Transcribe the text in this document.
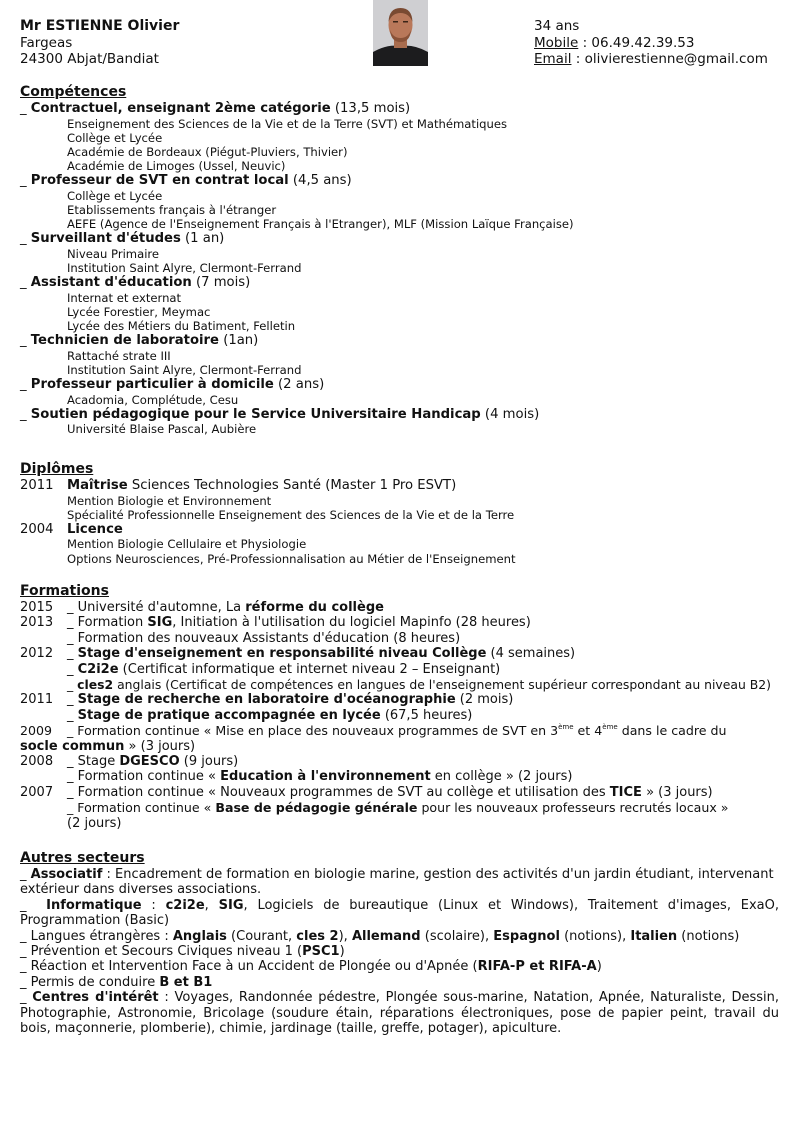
Mr ESTIENNE Olivier
Fargeas
24300 Abjat/Bandiat
34 ans
Mobile : 06.49.42.39.53
Email : olivierestienne@gmail.com
Compétences
_ Contractuel, enseignant 2ème catégorie (13,5 mois)
Enseignement des Sciences de la Vie et de la Terre (SVT) et Mathématiques
Collège et Lycée
Académie de Bordeaux (Piégut-Pluviers, Thivier)
Académie de Limoges (Ussel, Neuvic)
_ Professeur de SVT en contrat local (4,5 ans)
Collège et Lycée
Etablissements français à l'étranger
AEFE (Agence de l'Enseignement Français à l'Etranger), MLF (Mission Laïque Française)
_ Surveillant d'études (1 an)
Niveau Primaire
Institution Saint Alyre, Clermont-Ferrand
_ Assistant d'éducation (7 mois)
Internat et externat
Lycée Forestier, Meymac
Lycée des Métiers du Batiment, Felletin
_ Technicien de laboratoire (1an)
Rattaché strate III
Institution Saint Alyre, Clermont-Ferrand
_ Professeur particulier à domicile (2 ans)
Acadomia, Complétude, Cesu
_ Soutien pédagogique pour le Service Universitaire Handicap (4 mois)
Université Blaise Pascal, Aubière
Diplômes
2011 Maîtrise Sciences Technologies Santé (Master 1 Pro ESVT)
Mention Biologie et Environnement
Spécialité Professionnelle Enseignement des Sciences de la Vie et de la Terre
2004 Licence
Mention Biologie Cellulaire et Physiologie
Options Neurosciences, Pré-Professionnalisation au Métier de l'Enseignement
Formations
2015 _ Université d'automne, La réforme du collège
2013 _ Formation SIG, Initiation à l'utilisation du logiciel Mapinfo (28 heures)
_ Formation des nouveaux Assistants d'éducation (8 heures)
2012 _ Stage d'enseignement en responsabilité niveau Collège (4 semaines)
_ C2i2e (Certificat informatique et internet niveau 2 – Enseignant)
_ cles2 anglais (Certificat de compétences en langues de l'enseignement supérieur correspondant au niveau B2)
2011 _ Stage de recherche en laboratoire d'océanographie (2 mois)
_ Stage de pratique accompagnée en lycée (67,5 heures)
2009 _ Formation continue « Mise en place des nouveaux programmes de SVT en 3ème et 4ème dans le cadre du
socle commun » (3 jours)
2008 _ Stage DGESCO (9 jours)
_ Formation continue « Education à l'environnement en collège » (2 jours)
2007 _ Formation continue « Nouveaux programmes de SVT au collège et utilisation des TICE » (3 jours)
_ Formation continue « Base de pédagogie générale pour les nouveaux professeurs recrutés locaux »
(2 jours)
Autres secteurs
_ Associatif : Encadrement de formation en biologie marine, gestion des activités d'un jardin étudiant, intervenant extérieur dans diverses associations.
_  Informatique : c2i2e, SIG, Logiciels de bureautique (Linux et Windows), Traitement d'images, ExaO, Programmation (Basic)
_ Langues étrangères : Anglais (Courant, cles 2), Allemand (scolaire), Espagnol (notions), Italien (notions)
_ Prévention et Secours Civiques niveau 1 (PSC1)
_ Réaction et Intervention Face à un Accident de Plongée ou d'Apnée (RIFA-P et RIFA-A)
_ Permis de conduire B et B1
_ Centres d'intérêt : Voyages, Randonnée pédestre, Plongée sous-marine, Natation, Apnée, Naturaliste, Dessin, Photographie, Astronomie, Bricolage (soudure étain, réparations électroniques, pose de papier peint, travail du bois, maçonnerie, plomberie), chimie, jardinage (taille, greffe, potager), apiculture.
